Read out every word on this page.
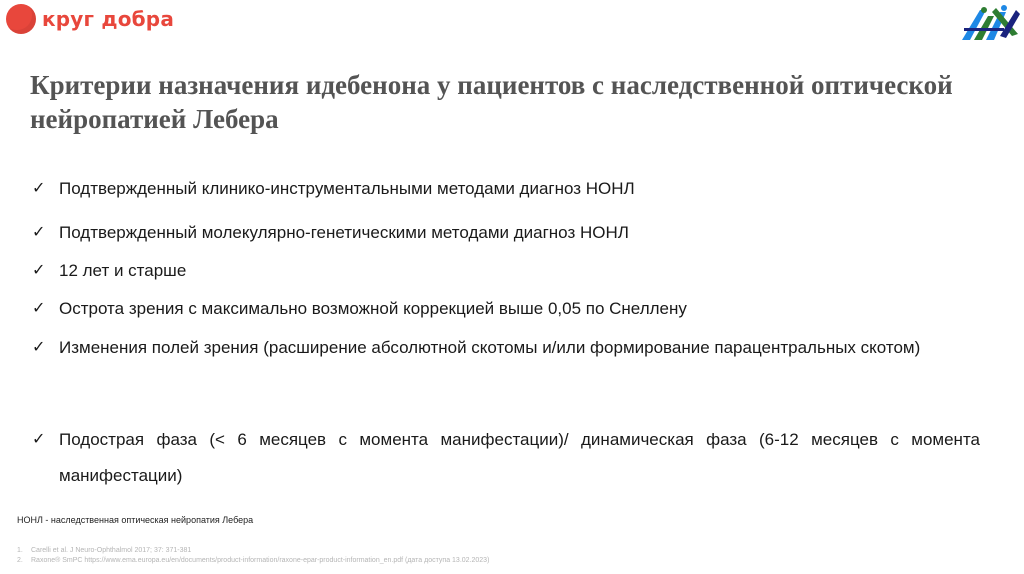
круг добра
Критерии назначения идебенона у пациентов с наследственной оптической нейропатией Лебера
✓ Подтвержденный клинико-инструментальными методами диагноз НОНЛ
✓ Подтвержденный молекулярно-генетическими методами диагноз НОНЛ
✓ 12 лет и старше
✓ Острота зрения с максимально возможной коррекцией выше 0,05 по Снеллену
✓ Изменения полей зрения (расширение абсолютной скотомы и/или формирование парацентральных скотом)
✓ Подострая фаза (< 6 месяцев с момента манифестации)/ динамическая фаза (6-12 месяцев с момента манифестации)
НОНЛ - наследственная оптическая нейропатия Лебера
1. Carelli et al. J Neuro-Ophthalmol 2017; 37: 371-381
2. Raxone® SmPC https://www.ema.europa.eu/en/documents/product-information/raxone-epar-product-information_en.pdf (дата доступа 13.02.2023)
